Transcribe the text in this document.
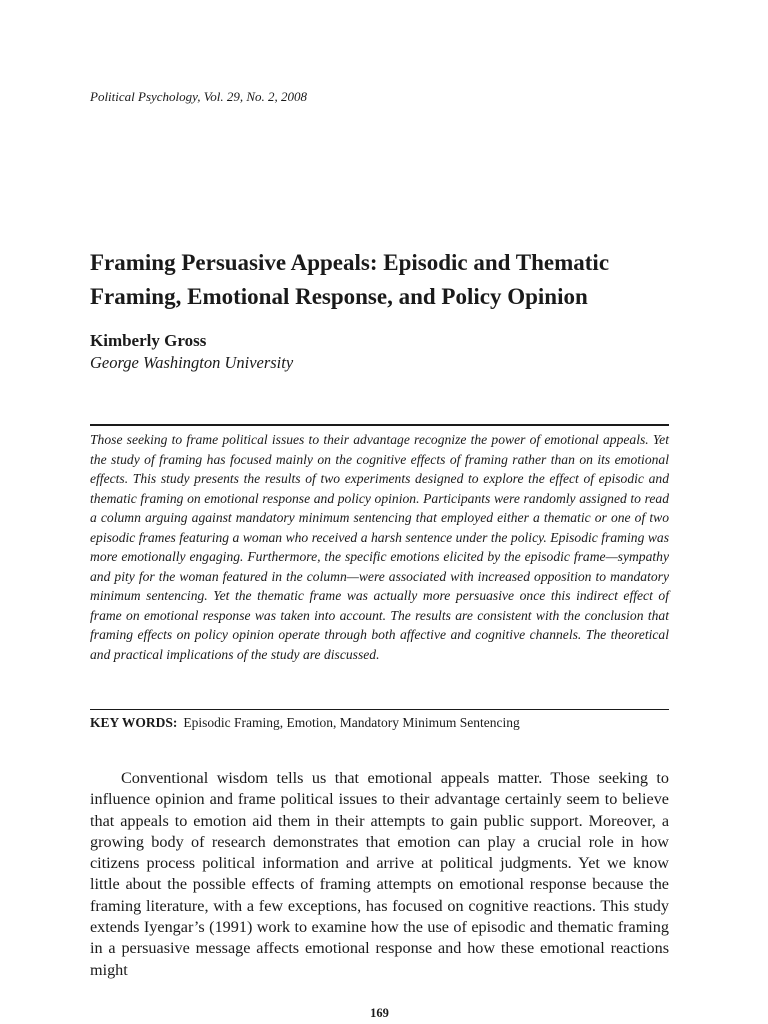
Political Psychology, Vol. 29, No. 2, 2008
Framing Persuasive Appeals: Episodic and Thematic
Framing, Emotional Response, and Policy Opinion
Kimberly Gross
George Washington University

Those seeking to frame political issues to their advantage recognize the power of emotional appeals. Yet the study of framing has focused mainly on the cognitive effects of framing rather than on its emotional effects. This study presents the results of two experiments designed to explore the effect of episodic and thematic framing on emotional response and policy opinion. Participants were randomly assigned to read a column arguing against mandatory minimum sentencing that employed either a thematic or one of two episodic frames featuring a woman who received a harsh sentence under the policy. Episodic framing was more emotionally engaging. Furthermore, the specific emotions elicited by the episodic frame—sympathy and pity for the woman featured in the column—were associated with increased opposition to mandatory minimum sentencing. Yet the thematic frame was actually more persuasive once this indirect effect of frame on emotional response was taken into account. The results are consistent with the conclusion that framing effects on policy opinion operate through both affective and cognitive channels. The theoretical and practical implications of the study are discussed.

KEY WORDS: Episodic Framing, Emotion, Mandatory Minimum Sentencing

Conventional wisdom tells us that emotional appeals matter. Those seeking to influence opinion and frame political issues to their advantage certainly seem to believe that appeals to emotion aid them in their attempts to gain public support. Moreover, a growing body of research demonstrates that emotion can play a crucial role in how citizens process political information and arrive at political judgments. Yet we know little about the possible effects of framing attempts on emotional response because the framing literature, with a few exceptions, has focused on cognitive reactions. This study extends Iyengar’s (1991) work to examine how the use of episodic and thematic framing in a persuasive message affects emotional response and how these emotional reactions might

169
